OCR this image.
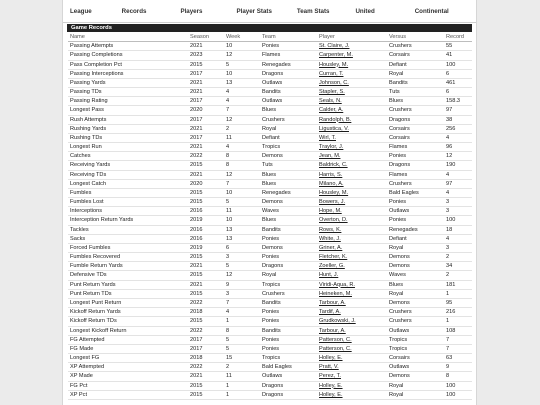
League	Records	Players	Player Stats	Team Stats	United	Continental
Game Records
Name	Season	Week	Team	Player	Versus	Record
Passing Attempts	2021	10	Ponies	St. Claire, J.	Crushers	55
Passing Completions	2023	12	Flames	Carpenter, M.	Corsairs	41
Pass Completion Pct	2015	5	Renegades	Housley, M.	Defiant	100
Passing Interceptions	2017	10	Dragons	Curran, T.	Royal	6
Passing Yards	2021	13	Outlaws	Johnson, C.	Bandits	461
Passing TDs	2021	4	Bandits	Stapler, S.	Tuts	6
Passing Rating	2017	4	Outlaws	Seals, N.	Blues	158.3
Longest Pass	2020	7	Blues	Calder, A.	Crushers	97
Rush Attempts	2017	12	Crushers	Randolph, B.	Dragons	38
Rushing Yards	2021	2	Royal	Ligustica, V.	Corsairs	256
Rushing TDs	2017	11	Defiant	Wirl, T.	Corsairs	4
Longest Run	2021	4	Tropics	Traylor, J.	Flames	96
Catches	2022	8	Demons	Jean, M.	Ponies	12
Receiving Yards	2015	8	Tuts	Baldrick, C.	Dragons	190
Receiving TDs	2021	12	Blues	Harris, S.	Flames	4
Longest Catch	2020	7	Blues	Milano, A.	Crushers	97
Fumbles	2015	10	Renegades	Housley, M.	Bald Eagles	4
Fumbles Lost	2015	5	Demons	Bowers, J.	Ponies	3
Interceptions	2016	11	Waves	Hope, M.	Outlaws	3
Interception Return Yards	2019	10	Blues	Overton, D.	Ponies	100
Tackles	2016	13	Bandits	Rows, K.	Renegades	18
Sacks	2016	13	Ponies	White, J.	Defiant	4
Forced Fumbles	2019	6	Demons	Griner, A.	Royal	3
Fumbles Recovered	2015	3	Ponies	Fletcher, K.	Demons	2
Fumble Return Yards	2021	5	Dragons	Zoeller, G.	Demons	34
Defensive TDs	2015	12	Royal	Hunt, J.	Waves	2
Punt Return Yards	2021	9	Tropics	Viridi-Aqua, R.	Blues	181
Punt Return TDs	2015	3	Crushers	Heineken, M.	Royal	1
Longest Punt Return	2022	7	Bandits	Tarbour, A.	Demons	95
Kickoff Return Yards	2018	4	Ponies	Tardif, A.	Crushers	216
Kickoff Return TDs	2015	1	Ponies	Grudkowski, J.	Crushers	1
Longest Kickoff Return	2022	8	Bandits	Tarbour, A.	Outlaws	108
FG Attempted	2017	5	Ponies	Patterson, C.	Tropics	7
FG Made	2017	5	Ponies	Patterson, C.	Tropics	7
Longest FG	2018	15	Tropics	Holley, E.	Corsairs	63
XP Attempted	2022	2	Bald Eagles	Pratt, V.	Outlaws	9
XP Made	2021	11	Outlaws	Perez, T.	Demons	8
FG Pct	2015	1	Dragons	Holley, E.	Royal	100
XP Pct	2015	1	Dragons	Holley, E.	Royal	100
